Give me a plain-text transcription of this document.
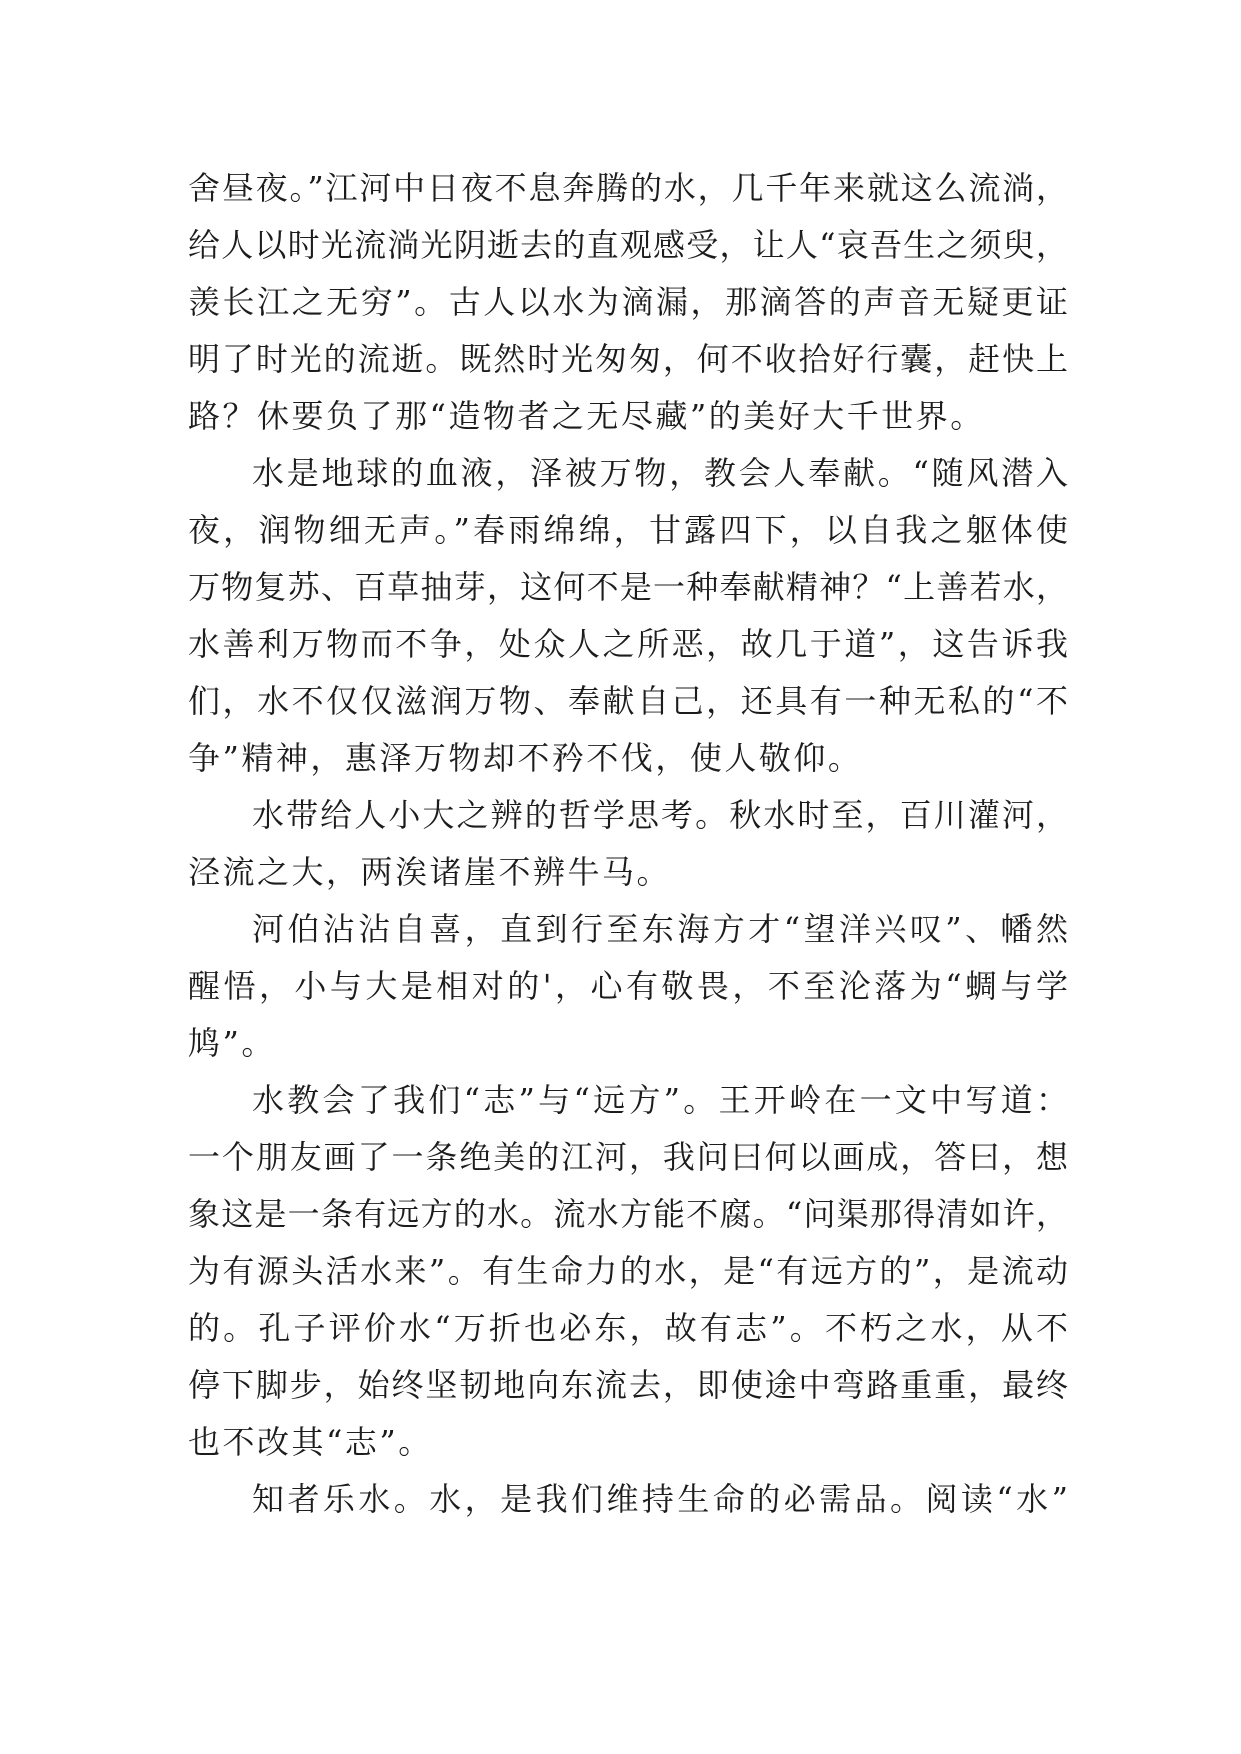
舍昼夜。”江河中日夜不息奔腾的水，几千年来就这么流淌，
给人以时光流淌光阴逝去的直观感受，让人“哀吾生之须臾，
羡长江之无穷”。古人以水为滴漏，那滴答的声音无疑更证
明了时光的流逝。既然时光匆匆，何不收拾好行囊，赶快上
路？休要负了那“造物者之无尽藏”的美好大千世界。
水是地球的血液，泽被万物，教会人奉献。“随风潜入
夜，润物细无声。”春雨绵绵，甘露四下，以自我之躯体使
万物复苏、百草抽芽，这何不是一种奉献精神？“上善若水，
水善利万物而不争，处众人之所恶，故几于道”，这告诉我
们，水不仅仅滋润万物、奉献自己，还具有一种无私的“不
争”精神，惠泽万物却不矜不伐，使人敬仰。
水带给人小大之辨的哲学思考。秋水时至，百川灌河，
泾流之大，两涘诸崖不辨牛马。
河伯沾沾自喜，直到行至东海方才“望洋兴叹”、幡然
醒悟，小与大是相对的'，心有敬畏，不至沦落为“蜩与学
鸠”。
水教会了我们“志”与“远方”。王开岭在一文中写道：
一个朋友画了一条绝美的江河，我问曰何以画成，答曰，想
象这是一条有远方的水。流水方能不腐。“问渠那得清如许，
为有源头活水来”。有生命力的水，是“有远方的”，是流动
的。孔子评价水“万折也必东，故有志”。不朽之水，从不
停下脚步，始终坚韧地向东流去，即使途中弯路重重，最终
也不改其“志”。
知者乐水。水，是我们维持生命的必需品。阅读“水”
